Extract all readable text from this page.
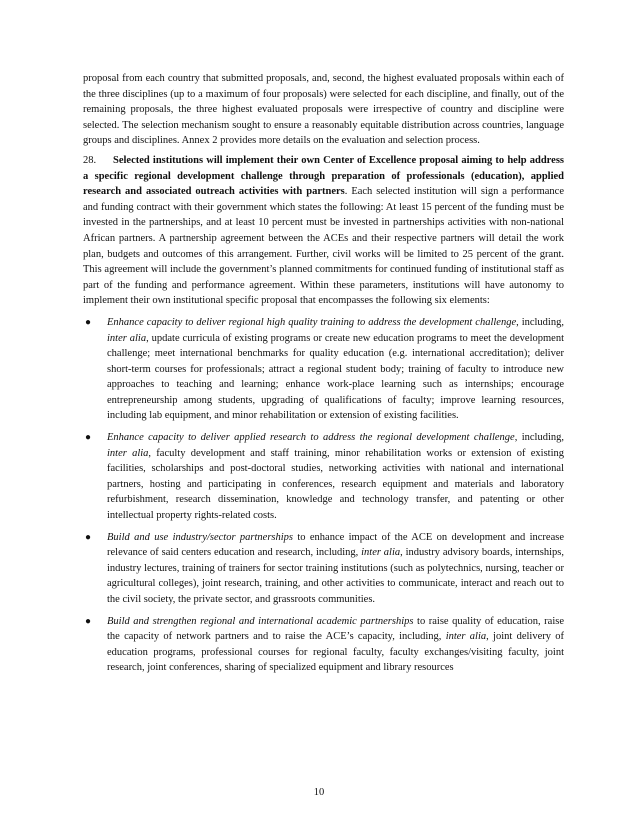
proposal from each country that submitted proposals, and, second, the highest evaluated proposals within each of the three disciplines (up to a maximum of four proposals) were selected for each discipline, and finally, out of the remaining proposals, the three highest evaluated proposals were irrespective of country and discipline were selected. The selection mechanism sought to ensure a reasonably equitable distribution across countries, language groups and disciplines. Annex 2 provides more details on the evaluation and selection process.

28. Selected institutions will implement their own Center of Excellence proposal aiming to help address a specific regional development challenge through preparation of professionals (education), applied research and associated outreach activities with partners. Each selected institution will sign a performance and funding contract with their government which states the following: At least 15 percent of the funding must be invested in the partnerships, and at least 10 percent must be invested in partnerships activities with non-national African partners. A partnership agreement between the ACEs and their respective partners will detail the work plan, budgets and outcomes of this arrangement. Further, civil works will be limited to 25 percent of the grant. This agreement will include the government’s planned commitments for continued funding of institutional staff as part of the funding and performance agreement. Within these parameters, institutions will have autonomy to implement their own institutional specific proposal that encompasses the following six elements:

● Enhance capacity to deliver regional high quality training to address the development challenge, including, inter alia, update curricula of existing programs or create new education programs to meet the development challenge; meet international benchmarks for quality education (e.g. international accreditation); deliver short-term courses for professionals; attract a regional student body; training of faculty to introduce new approaches to teaching and learning; enhance work-place learning such as internships; encourage entrepreneurship among students, upgrading of qualifications of faculty; improve learning resources, including lab equipment, and minor rehabilitation or extension of existing facilities.

● Enhance capacity to deliver applied research to address the regional development challenge, including, inter alia, faculty development and staff training, minor rehabilitation works or extension of existing facilities, scholarships and post-doctoral studies, networking activities with national and international partners, hosting and participating in conferences, research equipment and materials and laboratory refurbishment, research dissemination, knowledge and technology transfer, and patenting or other intellectual property rights-related costs.

● Build and use industry/sector partnerships to enhance impact of the ACE on development and increase relevance of said centers education and research, including, inter alia, industry advisory boards, internships, industry lectures, training of trainers for sector training institutions (such as polytechnics, nursing, teacher or agricultural colleges), joint research, training, and other activities to communicate, interact and reach out to the civil society, the private sector, and grassroots communities.

● Build and strengthen regional and international academic partnerships to raise quality of education, raise the capacity of network partners and to raise the ACE’s capacity, including, inter alia, joint delivery of education programs, professional courses for regional faculty, faculty exchanges/visiting faculty, joint research, joint conferences, sharing of specialized equipment and library resources

10
